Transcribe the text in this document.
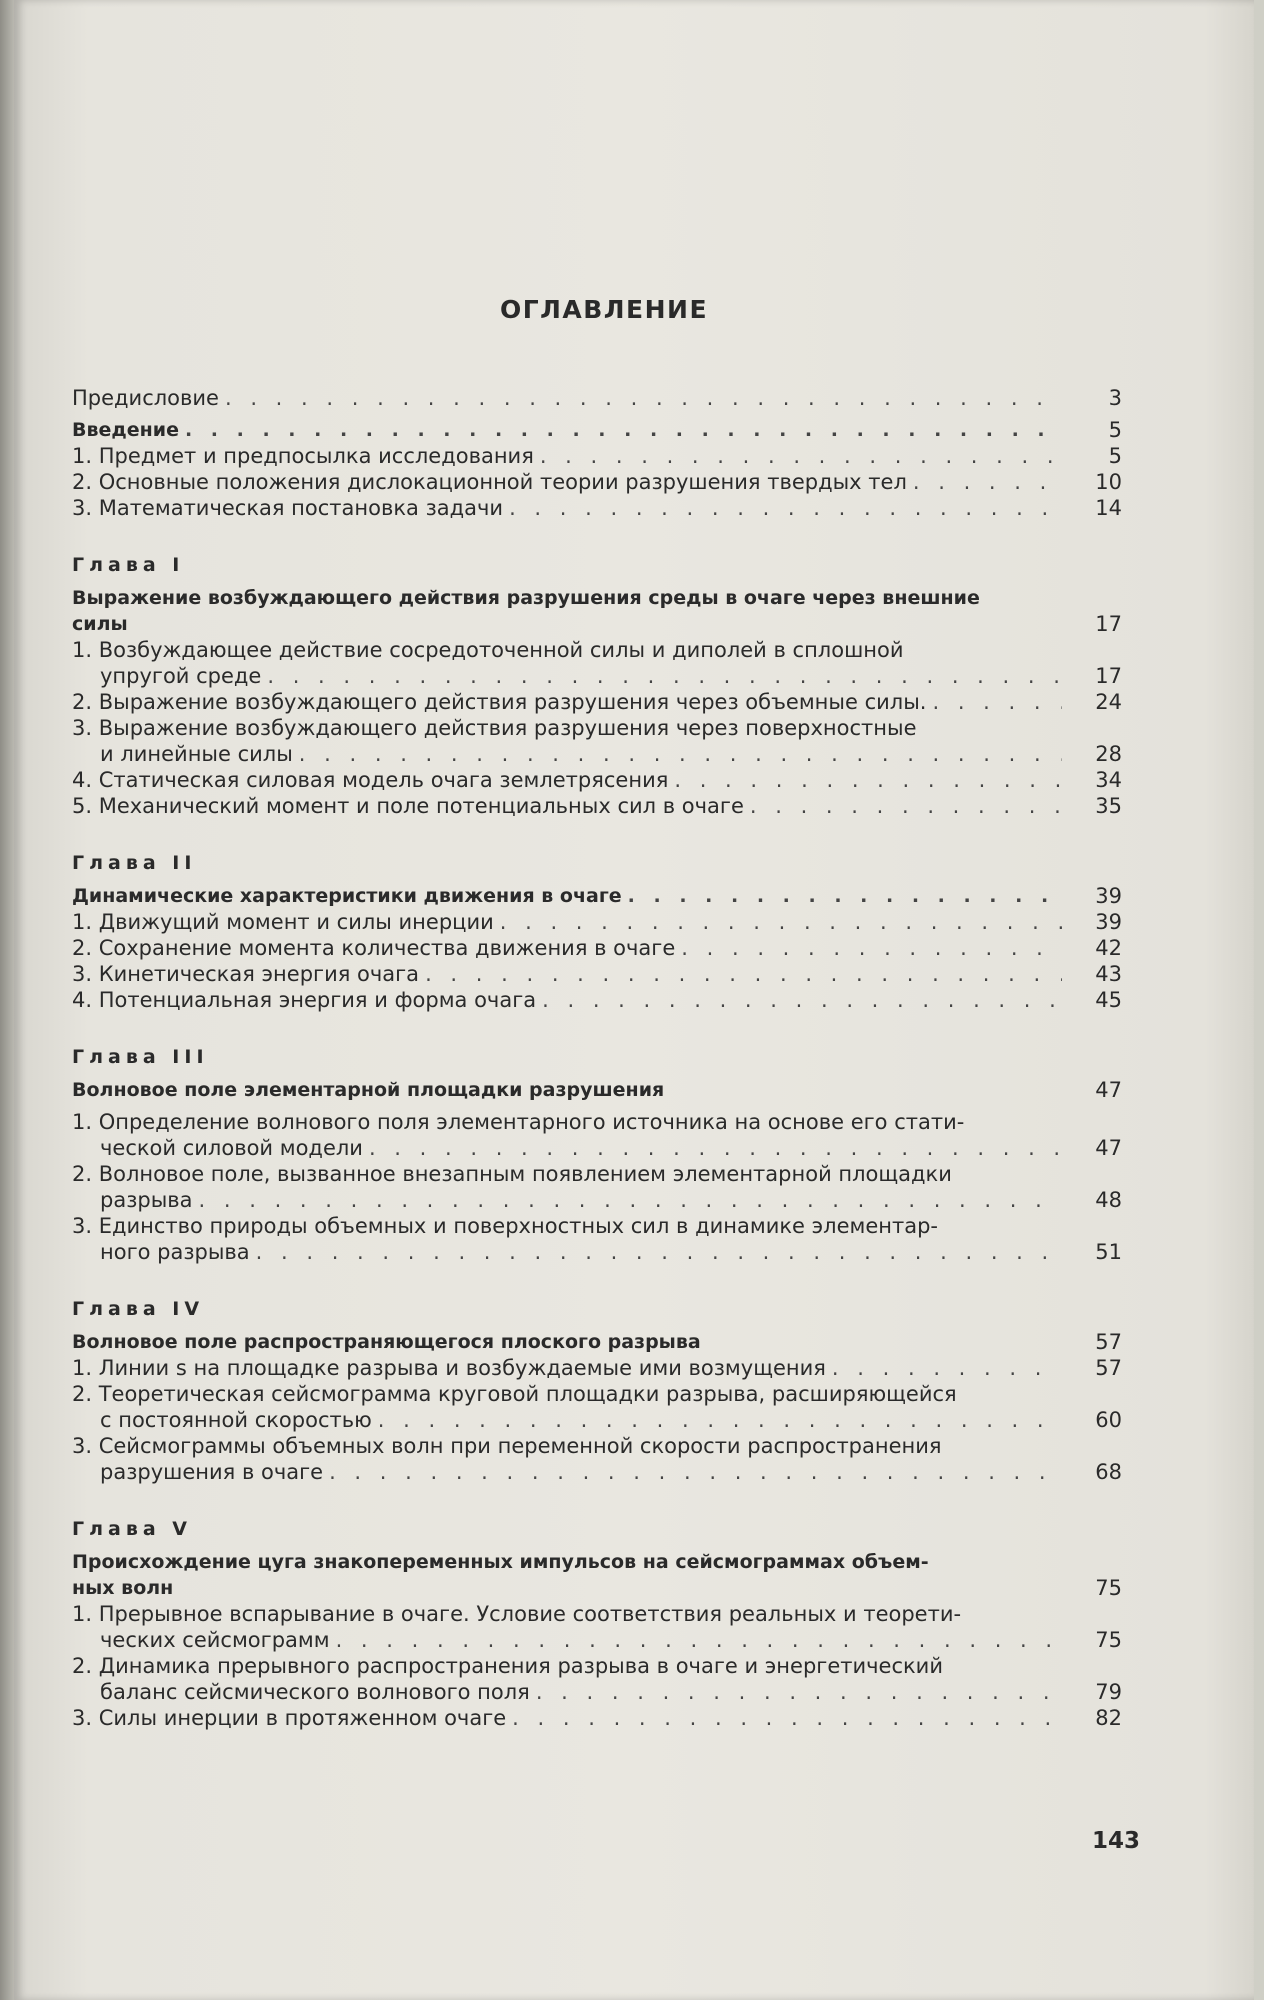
ОГЛАВЛЕНИЕ
Предисловие . . .	3
Введение . . .	5
1. Предмет и предпосылка исследования . . .	5
2. Основные положения дислокационной теории разрушения твердых тел . . .	10
3. Математическая постановка задачи . . .	14
Глава I
Выражение возбуждающего действия разрушения среды в очаге через внешние
силы	17
1. Возбуждающее действие сосредоточенной силы и диполей в сплошной
упругой среде . . .	17
2. Выражение возбуждающего действия разрушения через объемные силы. . . .	24
3. Выражение возбуждающего действия разрушения через поверхностные
и линейные силы . . .	28
4. Статическая силовая модель очага землетрясения . . .	34
5. Механический момент и поле потенциальных сил в очаге . . .	35
Глава II
Динамические характеристики движения в очаге . . .	39
1. Движущий момент и силы инерции . . .	39
2. Сохранение момента количества движения в очаге . . .	42
3. Кинетическая энергия очага . . .	43
4. Потенциальная энергия и форма очага . . .	45
Глава III
Волновое поле элементарной площадки разрушения	47
1. Определение волнового поля элементарного источника на основе его стати-
ческой силовой модели . . .	47
2. Волновое поле, вызванное внезапным появлением элементарной площадки
разрыва . . .	48
3. Единство природы объемных и поверхностных сил в динамике элементар-
ного разрыва . . .	51
Глава IV
Волновое поле распространяющегося плоского разрыва	57
1. Линии s на площадке разрыва и возбуждаемые ими возмущения . . .	57
2. Теоретическая сейсмограмма круговой площадки разрыва, расширяющейся
с постоянной скоростью . . .	60
3. Сейсмограммы объемных волн при переменной скорости распространения
разрушения в очаге . . .	68
Глава V
Происхождение цуга знакопеременных импульсов на сейсмограммах объем-
ных волн	75
1. Прерывное вспарывание в очаге. Условие соответствия реальных и теорети-
ческих сейсмограмм . . .	75
2. Динамика прерывного распространения разрыва в очаге и энергетический
баланс сейсмического волнового поля . . .	79
3. Силы инерции в протяженном очаге . . .	82
143
